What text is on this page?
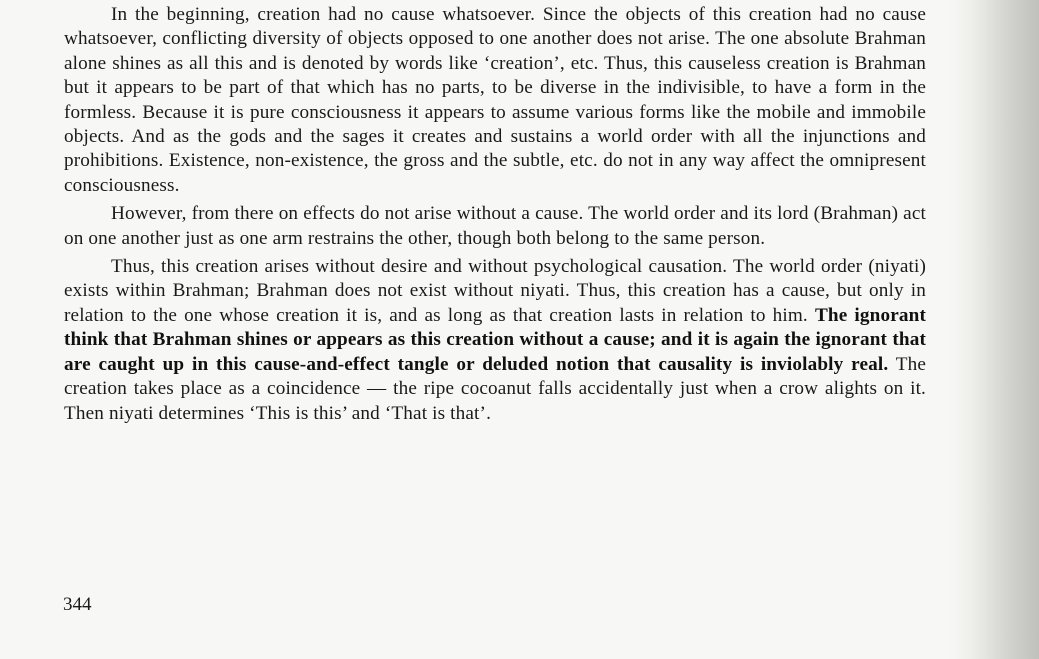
In the beginning, creation had no cause whatsoever. Since the objects of this creation had no cause whatsoever, conflicting diversity of objects opposed to one another does not arise. The one absolute Brahman alone shines as all this and is denoted by words like ‘creation’, etc. Thus, this causeless creation is Brahman but it appears to be part of that which has no parts, to be diverse in the indivisible, to have a form in the formless. Because it is pure consciousness it appears to assume various forms like the mobile and immobile objects. And as the gods and the sages it creates and sustains a world order with all the injunctions and prohibitions. Existence, non-existence, the gross and the subtle, etc. do not in any way affect the omnipresent consciousness.

However, from there on effects do not arise without a cause. The world order and its lord (Brahman) act on one another just as one arm restrains the other, though both belong to the same person.

Thus, this creation arises without desire and without psychological causation. The world order (niyati) exists within Brahman; Brahman does not exist without niyati. Thus, this creation has a cause, but only in relation to the one whose creation it is, and as long as that creation lasts in relation to him. The ignorant think that Brahman shines or appears as this creation without a cause; and it is again the ignorant that are caught up in this cause-and-effect tangle or deluded notion that causality is inviolably real. The creation takes place as a coincidence — the ripe cocoanut falls accidentally just when a crow alights on it. Then niyati determines ‘This is this’ and ‘That is that’.

344
